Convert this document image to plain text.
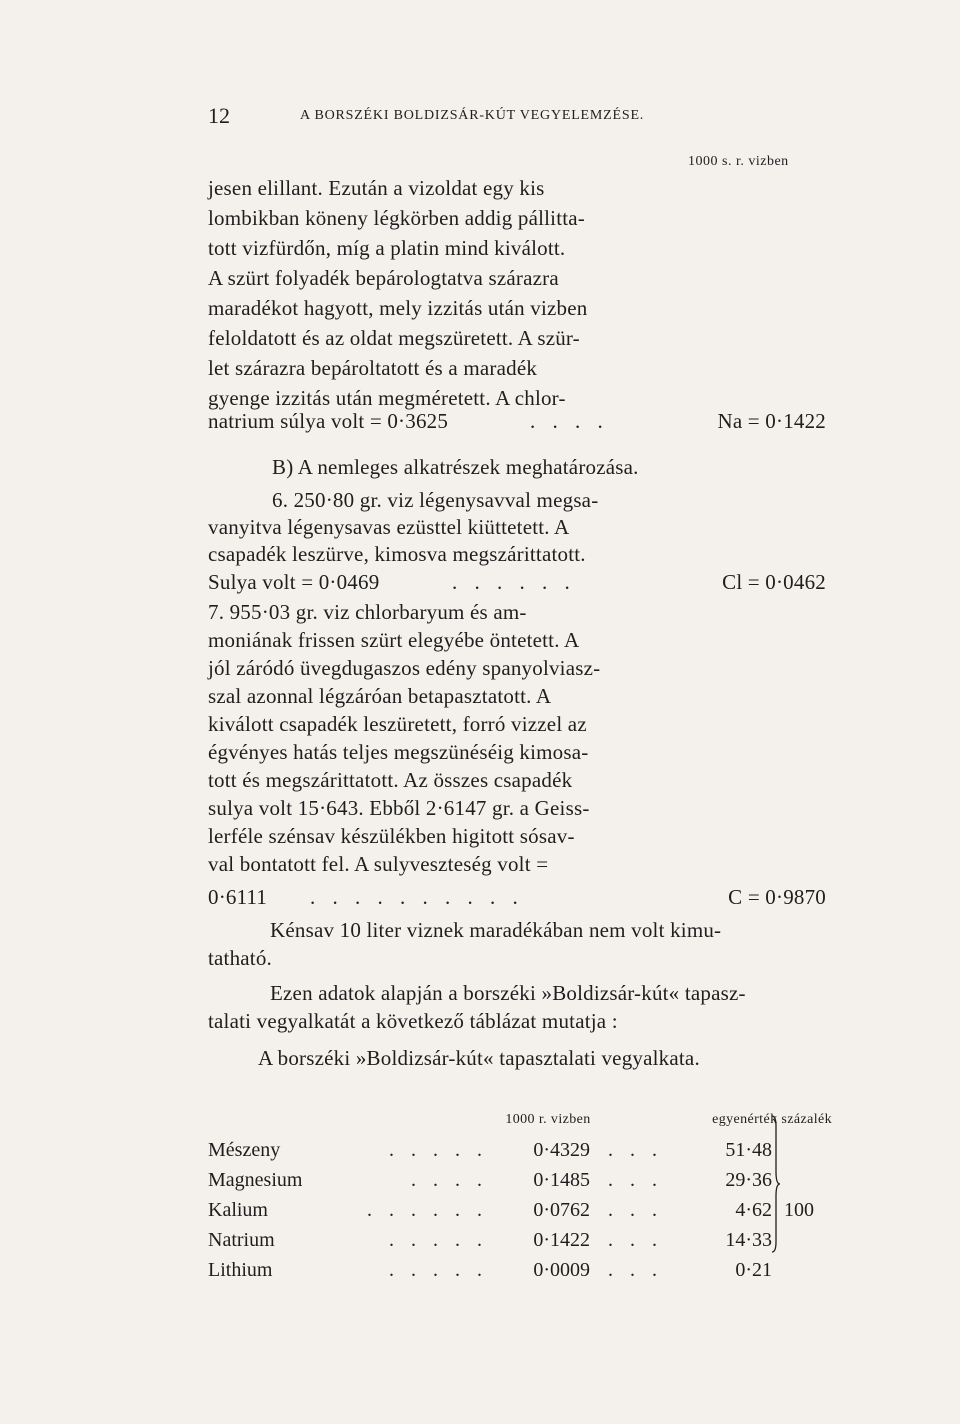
12	A BORSZÉKI BOLDIZSÁR-KÚT VEGYELEMZÉSE.
1000 s. r. vizben
jesen elillant. Ezután a vizoldat egy kis
lombikban köneny légkörben addig pállitta-
tott vizfürdőn, míg a platin mind kiválott.
A szürt folyadék bepárologtatva szárazra
maradékot hagyott, mely izzitás után vizben
feloldatott és az oldat megszüretett. A szür-
let szárazra bepároltatott és a maradék
gyenge izzitás után megméretett. A chlor-
natrium súlya volt = 0·3625	. . . .	Na = 0·1422
B) A nemleges alkatrészek meghatározása.
6. 250·80 gr. viz légenysavval megsa-
vanyitva légenysavas ezüsttel kiüttetett. A
csapadék leszürve, kimosva megszárittatott.
Sulya volt = 0·0469	. . . . . .	Cl = 0·0462
7. 955·03 gr. viz chlorbaryum és am-
moniának frissen szürt elegyébe öntetett. A
jól záródó üvegdugaszos edény spanyolviasz-
szal azonnal légzáróan betapasztatott. A
kiválott csapadék leszüretett, forró vizzel az
égvényes hatás teljes megszünéséig kimosa-
tott és megszárittatott. Az összes csapadék
sulya volt 15·643. Ebből 2·6147 gr. a Geiss-
lerféle szénsav készülékben higitott sósav-
val bontatott fel. A sulyveszteség volt =
0·6111 . . . . . . . . . .	C = 0·9870
Kénsav 10 liter viznek maradékában nem volt kimu-
tatható.
Ezen adatok alapján a borszéki »Boldizsár-kút« tapasz-
talati vegyalkatát a következő táblázat mutatja :
A borszéki »Boldizsár-kút« tapasztalati vegyalkata.
		1000 r. vizben		egyenérték százalék	
Mészeny	. . . . .	0·4329	. . .	51·48	
Magnesium	. . . .	0·1485	. . .	29·36	
Kalium	. . . . . .	0·0762	. . .	4·62	100
Natrium	. . . . .	0·1422	. . .	14·33	
Lithium	. . . . .	0·0009	. . .	0·21	
